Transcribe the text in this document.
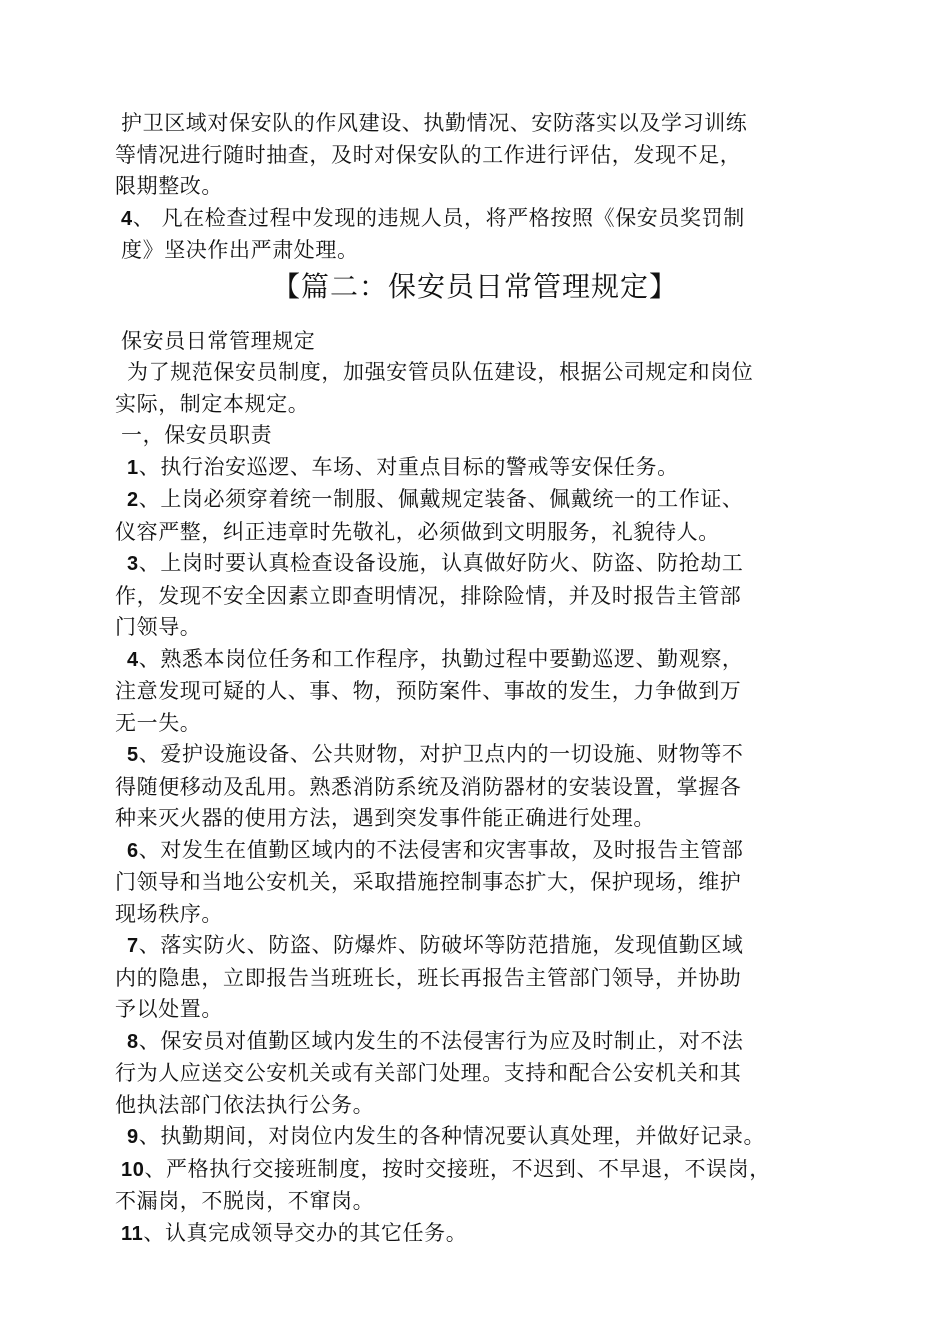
护卫区域对保安队的作风建设、执勤情况、安防落实以及学习训练
等情况进行随时抽查，及时对保安队的工作进行评估，发现不足，
限期整改。
4、 凡在检查过程中发现的违规人员，将严格按照《保安员奖罚制
度》坚决作出严肃处理。
【篇二：保安员日常管理规定】
保安员日常管理规定
为了规范保安员制度，加强安管员队伍建设，根据公司规定和岗位
实际，制定本规定。
一，保安员职责
1、执行治安巡逻、车场、对重点目标的警戒等安保任务。
2、上岗必须穿着统一制服、佩戴规定装备、佩戴统一的工作证、
仪容严整，纠正违章时先敬礼，必须做到文明服务，礼貌待人。
3、上岗时要认真检查设备设施，认真做好防火、防盗、防抢劫工
作，发现不安全因素立即查明情况，排除险情，并及时报告主管部
门领导。
4、熟悉本岗位任务和工作程序，执勤过程中要勤巡逻、勤观察，
注意发现可疑的人、事、物，预防案件、事故的发生，力争做到万
无一失。
5、爱护设施设备、公共财物，对护卫点内的一切设施、财物等不
得随便移动及乱用。熟悉消防系统及消防器材的安装设置，掌握各
种来灭火器的使用方法，遇到突发事件能正确进行处理。
6、对发生在值勤区域内的不法侵害和灾害事故，及时报告主管部
门领导和当地公安机关，采取措施控制事态扩大，保护现场，维护
现场秩序。
7、落实防火、防盗、防爆炸、防破坏等防范措施，发现值勤区域
内的隐患，立即报告当班班长，班长再报告主管部门领导，并协助
予以处置。
8、保安员对值勤区域内发生的不法侵害行为应及时制止，对不法
行为人应送交公安机关或有关部门处理。支持和配合公安机关和其
他执法部门依法执行公务。
9、执勤期间，对岗位内发生的各种情况要认真处理，并做好记录。
10、严格执行交接班制度，按时交接班，不迟到、不早退，不误岗，
不漏岗，不脱岗，不窜岗。
11、认真完成领导交办的其它任务。
